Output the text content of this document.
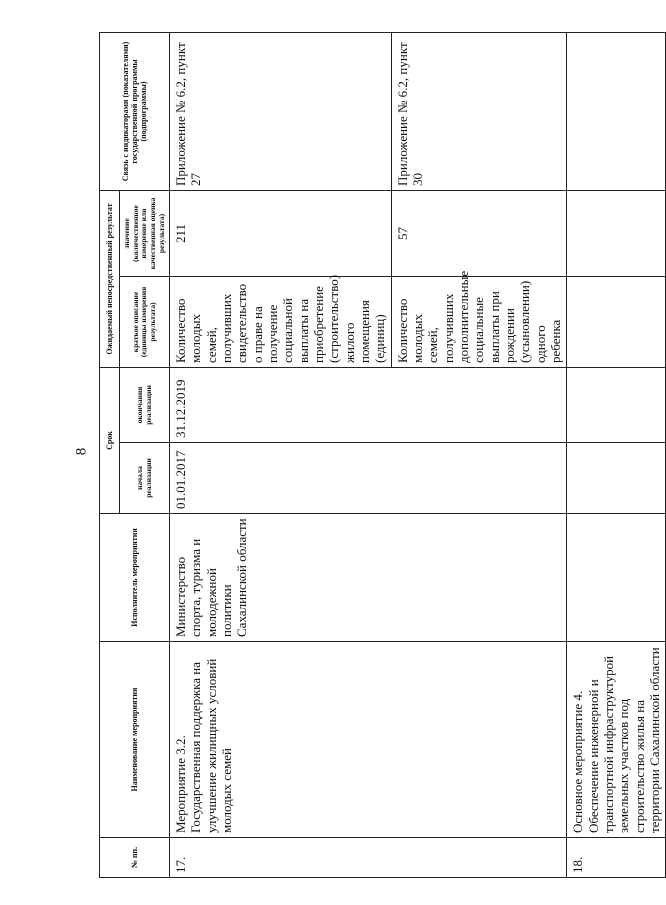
8
№ пп.	Наименование мероприятия	Исполнитель мероприятия	Срок		Ожидаемый непосредственный результат		Связь с индикаторами (показателями) государственной программы (подпрограммы)
			начала реализации	окончания реализации	краткое описание (единицы измерения результата)	значение (количественное измерение или качественная оценка результата)	
17.	Мероприятие 3.2. Государственная поддержка на улучшение жилищных условий молодых семей	Министерство спорта, туризма и молодежной политики Сахалинской области	01.01.2017	31.12.2019	Количество молодых семей, получивших свидетельство о праве на получение социальной выплаты на приобретение (строительство) жилого помещения (единиц)	211	Приложение № 6.2, пункт 27
					Количество молодых семей, получивших дополнительные социальные выплаты при рождении (усыновлении) одного ребенка	57	Приложение № 6.2, пункт 30
18.	Основное мероприятие 4. Обеспечение инженерной и транспортной инфраструктурой земельных участков под строительство жилья на территории Сахалинской области						
